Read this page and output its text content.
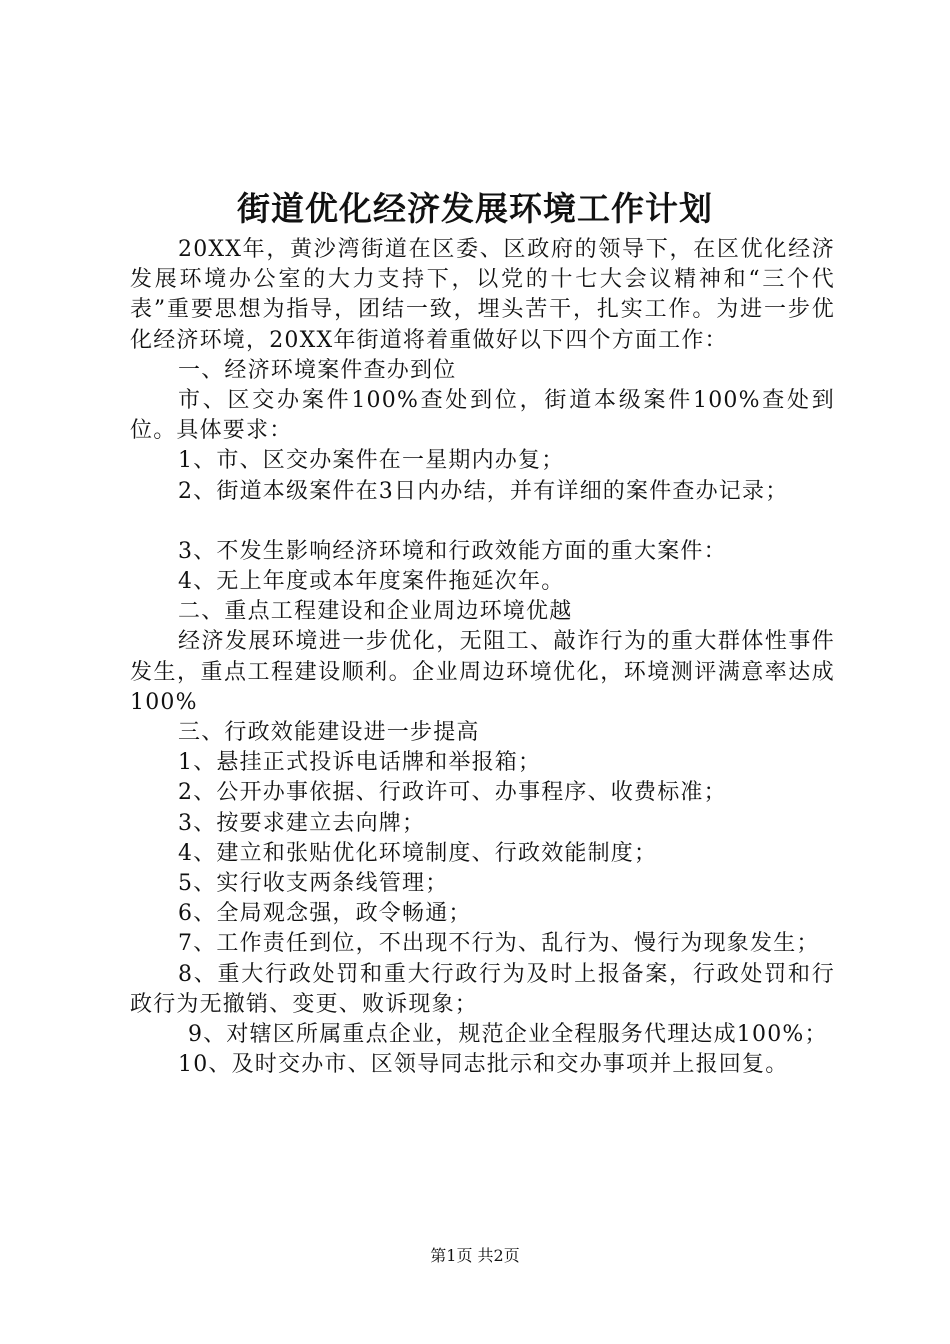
街道优化经济发展环境工作计划

20XX年，黄沙湾街道在区委、区政府的领导下，在区优化经济发展环境办公室的大力支持下，以党的十七大会议精神和“三个代表”重要思想为指导，团结一致，埋头苦干，扎实工作。为进一步优化经济环境，20XX年街道将着重做好以下四个方面工作：

一、经济环境案件查办到位

市、区交办案件100%查处到位，街道本级案件100%查处到位。具体要求：

1、市、区交办案件在一星期内办复；

2、街道本级案件在3日内办结，并有详细的案件查办记录；

3、不发生影响经济环境和行政效能方面的重大案件：

4、无上年度或本年度案件拖延次年。

二、重点工程建设和企业周边环境优越

经济发展环境进一步优化，无阻工、敲诈行为的重大群体性事件发生，重点工程建设顺利。企业周边环境优化，环境测评满意率达成100%

三、行政效能建设进一步提高

1、悬挂正式投诉电话牌和举报箱；

2、公开办事依据、行政许可、办事程序、收费标准；

3、按要求建立去向牌；

4、建立和张贴优化环境制度、行政效能制度；

5、实行收支两条线管理；

6、全局观念强，政令畅通；

7、工作责任到位，不出现不行为、乱行为、慢行为现象发生；

8、重大行政处罚和重大行政行为及时上报备案，行政处罚和行政行为无撤销、变更、败诉现象；

9、对辖区所属重点企业，规范企业全程服务代理达成100%；

10、及时交办市、区领导同志批示和交办事项并上报回复。

第1页 共2页
